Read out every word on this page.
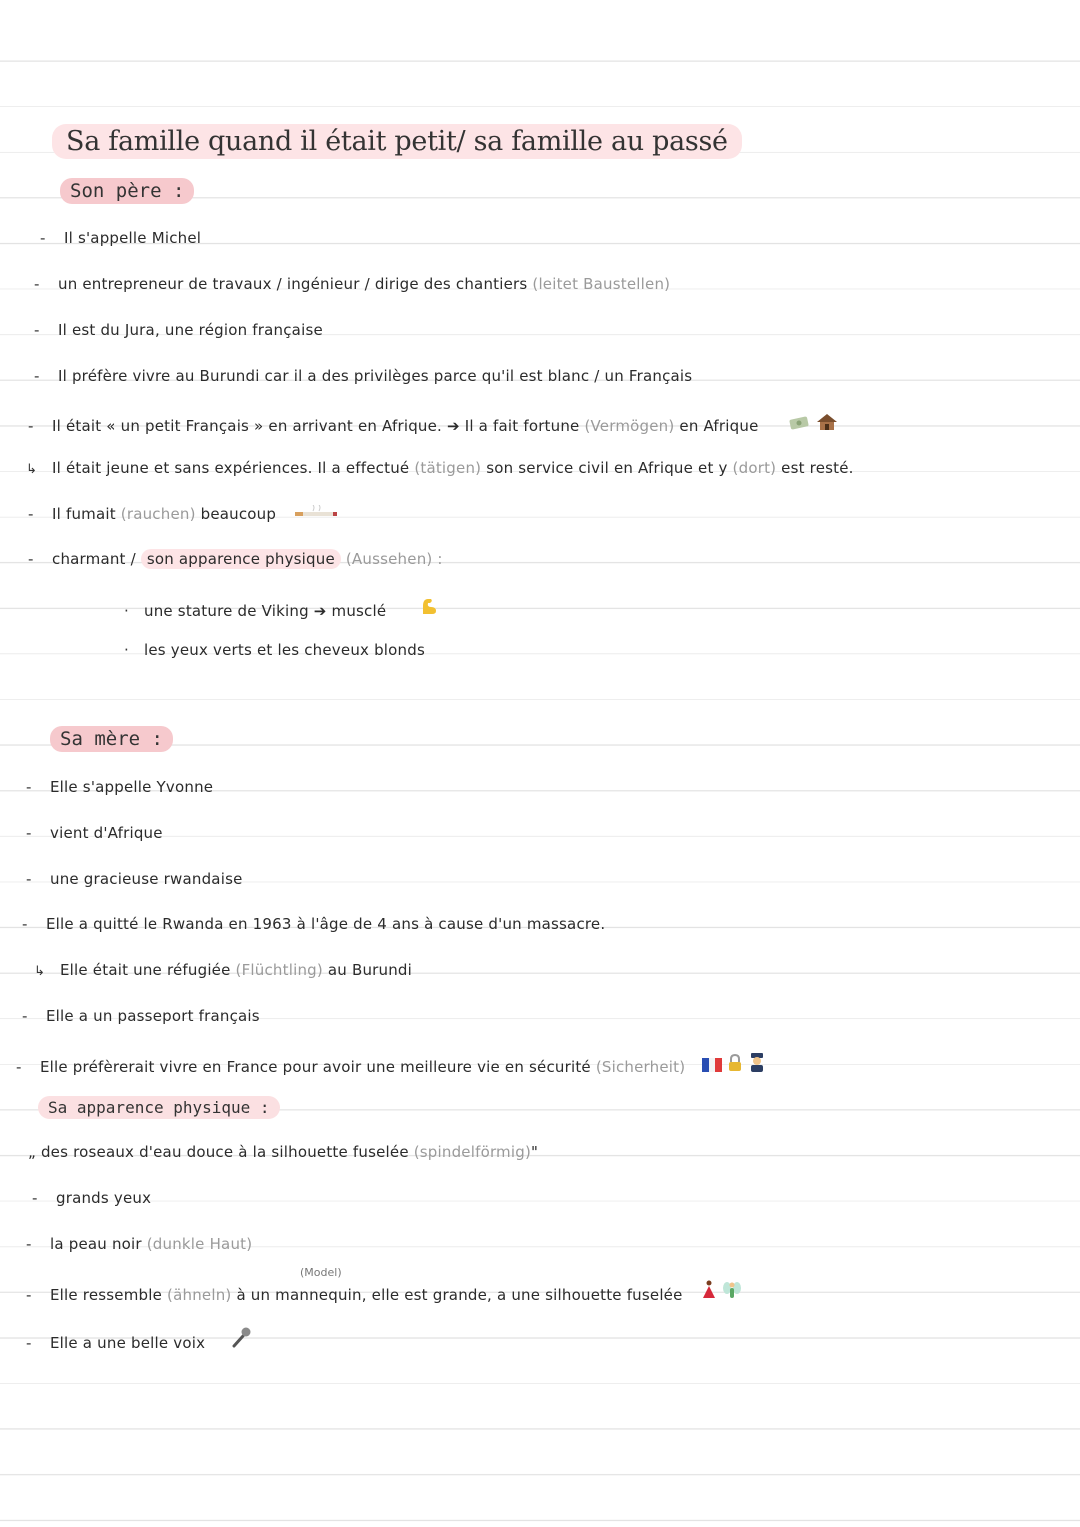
Sa famille quand il était petit/ sa famille au passé
Son père :
- Il s'appelle Michel
- un entrepreneur de travaux / ingénieur / dirige des chantiers (leitet Baustellen)
- Il est du Jura, une région française
- Il préfère vivre au Burundi car il a des privilèges parce qu'il est blanc / un Français
- Il était « un petit Français » en arrivant en Afrique. ➔ Il a fait fortune (Vermögen) en Afrique
↳ Il était jeune et sans expériences. Il a effectué (tätigen) son service civil en Afrique et y (dort) est resté.
- Il fumait (rauchen) beaucoup
- charmant / son apparence physique (Aussehen) :
· une stature de Viking ➔ musclé
· les yeux verts et les cheveux blonds
Sa mère :
- Elle s'appelle Yvonne
- vient d'Afrique
- une gracieuse rwandaise
- Elle a quitté le Rwanda en 1963 à l'âge de 4 ans à cause d'un massacre.
↳ Elle était une réfugiée (Flüchtling) au Burundi
- Elle a un passeport français
- Elle préfèrerait vivre en France pour avoir une meilleure vie en sécurité (Sicherheit)
Sa apparence physique :
„ des roseaux d'eau douce à la silhouette fuselée (spindelförmig)"
- grands yeux
- la peau noir (dunkle Haut)
(Model)
- Elle ressemble (ähneln) à un mannequin, elle est grande, a une silhouette fuselée
- Elle a une belle voix
